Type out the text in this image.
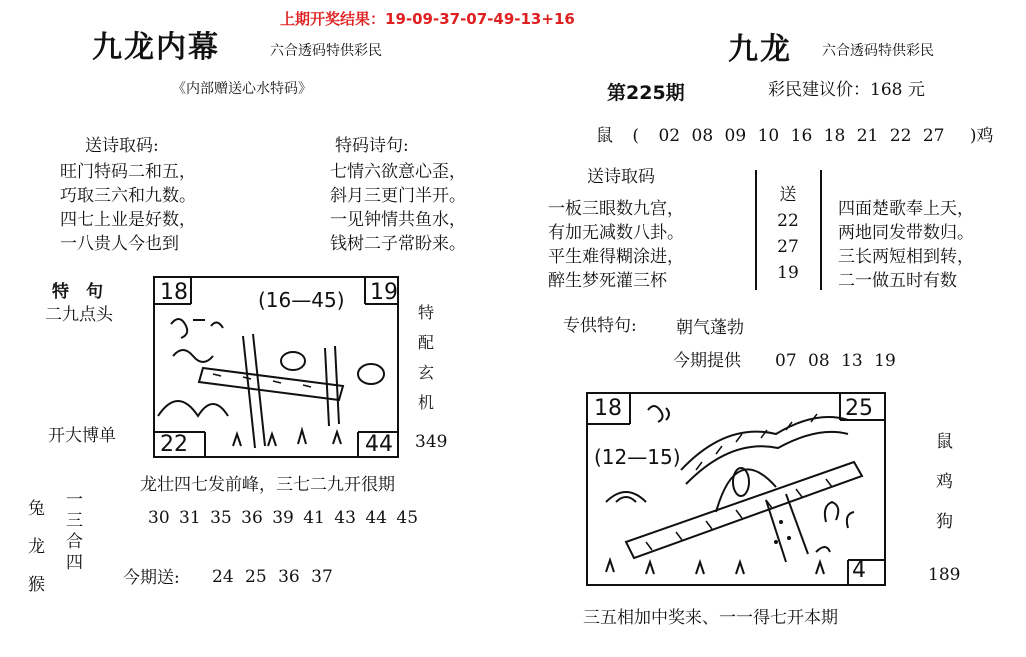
上期开奖结果：19-09-37-07-49-13+16
九龙内幕	六合透码特供彩民
《内部赠送心水特码》
送诗取码:
旺门特码二和五，
巧取三六和九数。
四七上业是好数，
一八贵人今也到
特码诗句:
七情六欲意心歪，
斜月三更门半开。
一见钟情共鱼水，
钱树二子常盼来。
特　句
二九点头
开大博单
18	19
22	44
(16—45)
特
配
玄
机
349
龙壮四七发前峰，三七二九开很期
兔
龙
猴
一
三
合
四
30 31 35 36 39 41 43 44 45
今期送: 24 25 36 37
九龙 六合透码特供彩民
第225期	彩民建议价：168 元
鼠 ( 02 08 09 10 16 18 21 22 27 )鸡
送诗取码
一板三眼数九宫，
有加无减数八卦。
平生难得糊涂进，
醉生梦死灌三杯
送
22
27
19
四面楚歌奉上天，
两地同发带数归。
三长两短相到转，
二一做五时有数
专供特句: 朝气蓬勃
今期提供 07 08 13 19
18	25
4
(12—15)
鼠
鸡
狗
189
三五相加中奖来、一一得七开本期
